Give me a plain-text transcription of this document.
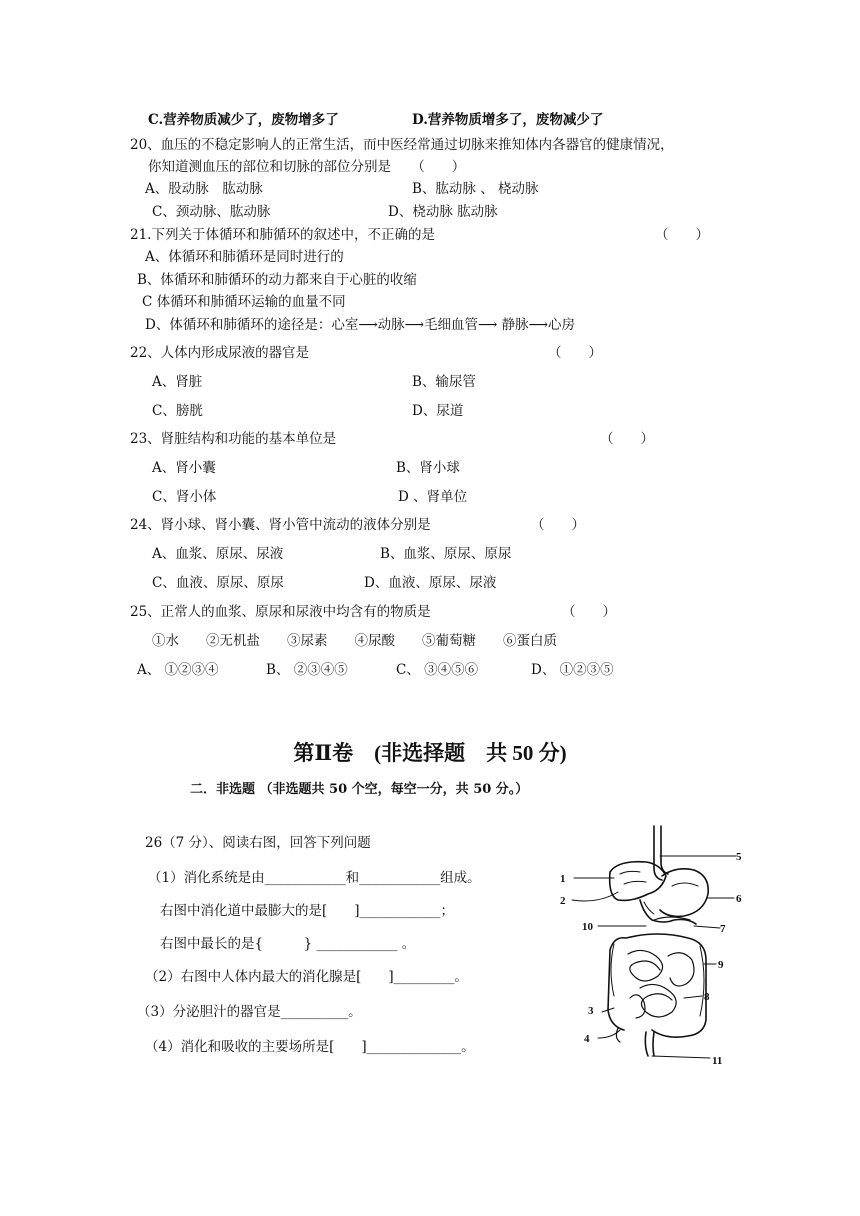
C.营养物质减少了，废物增多了	D.营养物质增多了，废物减少了
20、血压的不稳定影响人的正常生活，而中医经常通过切脉来推知体内各器官的健康情况，
你知道测血压的部位和切脉的部位分别是　　（　　）
A、股动脉　肱动脉	B、肱动脉 、 桡动脉
C、颈动脉、肱动脉	D、桡动脉 肱动脉
21.下列关于体循环和肺循环的叙述中，不正确的是	（　　）
A、体循环和肺循环是同时进行的
B、体循环和肺循环的动力都来自于心脏的收缩
C 体循环和肺循环运输的血量不同
D、体循环和肺循环的途径是：心室⟶动脉⟶毛细血管⟶ 静脉⟶心房
22、人体内形成尿液的器官是	（　　）
A、肾脏	B、输尿管
C、膀胱	D、尿道
23、肾脏结构和功能的基本单位是	（　　）
A、肾小囊	B、肾小球
C、肾小体	D 、肾单位
24、肾小球、肾小囊、肾小管中流动的液体分别是	（　　）
A、血浆、原尿、尿液	B、血浆、原尿、原尿
C、血液、原尿、原尿	D、血液、原尿、尿液
25、正常人的血浆、原尿和尿液中均含有的物质是	（　　）
①水　　②无机盐　　③尿素　　④尿酸　　⑤葡萄糖　　⑥蛋白质
A、 ①②③④	B、 ②③④⑤	C、 ③④⑤⑥	D、 ①②③⑤
第Ⅱ卷　(非选择题　共 50 分)
二．非选题 （非选题共 50 个空，每空一分，共 50 分。）
26（7 分）、阅读右图，回答下列问题
（1）消化系统是由____________和____________组成。
右图中消化道中最膨大的是[　　]____________；
右图中最长的是{　　　} ____________ 。
（2）右图中人体内最大的消化腺是[　　]_________。
（3）分泌胆汁的器官是__________。
（4）消化和吸收的主要场所是[　　]______________。
1
2
3
4
5
6
7
8
9
10
11
